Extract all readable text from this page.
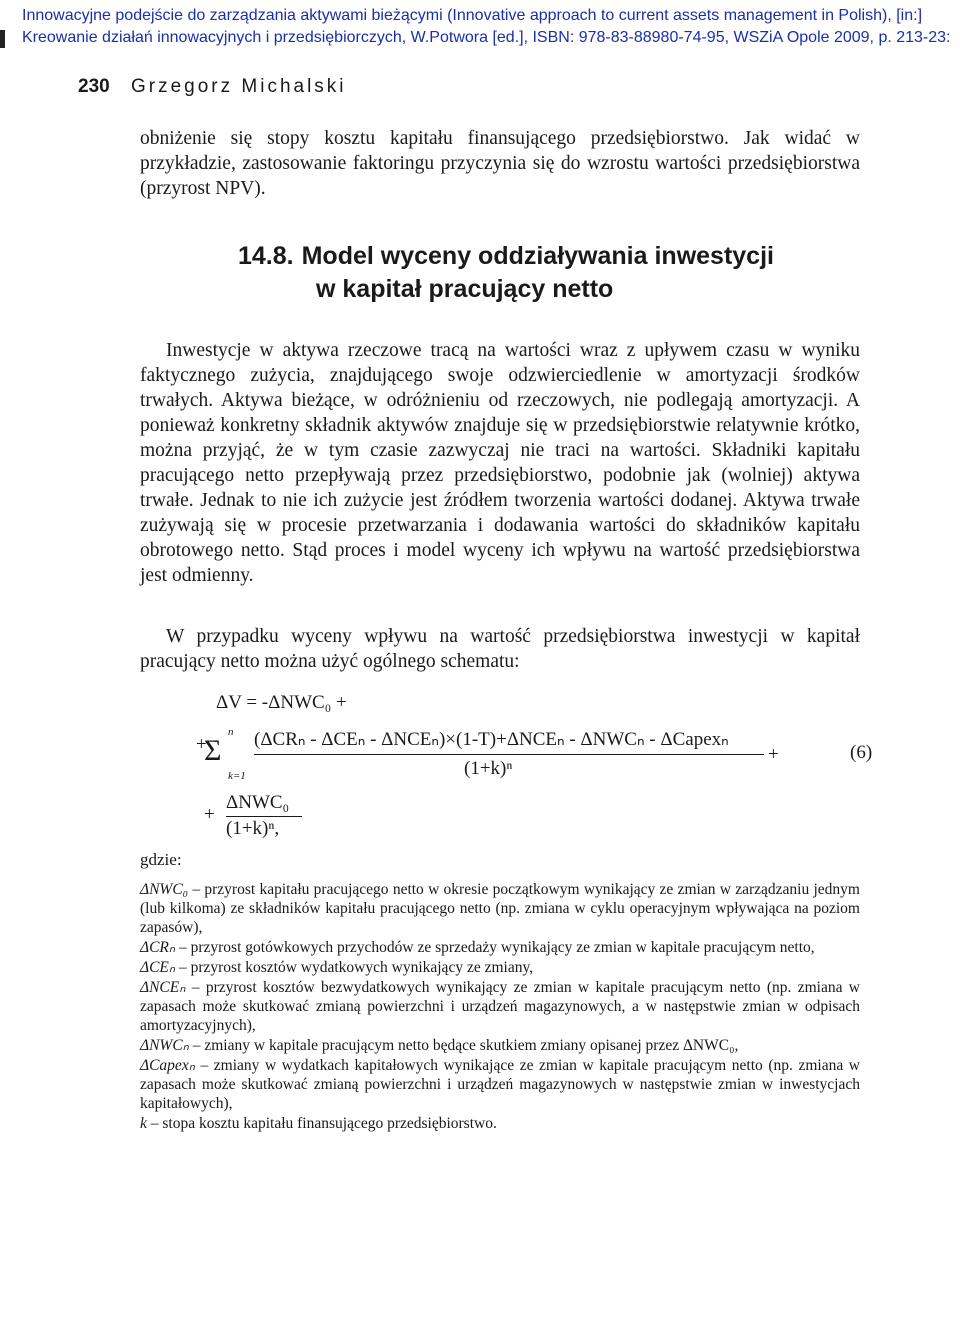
Innowacyjne podejście do zarządzania aktywami bieżącymi (Innovative approach to current assets management in Polish), [in:]
Kreowanie działań innowacyjnych i przedsiębiorczych, W.Potwora [ed.], ISBN: 978-83-88980-74-95, WSZiA Opole 2009, p. 213-23:
230 Grzegorz Michalski

obniżenie się stopy kosztu kapitału finansującego przedsiębiorstwo. Jak widać w przykładzie, zastosowanie faktoringu przyczynia się do wzrostu wartości przedsiębiorstwa (przyrost NPV).

14.8. Model wyceny oddziaływania inwestycji
w kapitał pracujący netto

Inwestycje w aktywa rzeczowe tracą na wartości wraz z upływem czasu w wyniku faktycznego zużycia, znajdującego swoje odzwierciedlenie w amortyzacji środków trwałych. Aktywa bieżące, w odróżnieniu od rzeczowych, nie podlegają amortyzacji. A ponieważ konkretny składnik aktywów znajduje się w przedsiębiorstwie relatywnie krótko, można przyjąć, że w tym czasie zazwyczaj nie traci na wartości. Składniki kapitału pracującego netto przepływają przez przedsiębiorstwo, podobnie jak (wolniej) aktywa trwałe. Jednak to nie ich zużycie jest źródłem tworzenia wartości dodanej. Aktywa trwałe zużywają się w procesie przetwarzania i dodawania wartości do składników kapitału obrotowego netto. Stąd proces i model wyceny ich wpływu na wartość przedsiębiorstwa jest odmienny.

W przypadku wyceny wpływu na wartość przedsiębiorstwa inwestycji w kapitał pracujący netto można użyć ogólnego schematu:

ΔV = -ΔNWC₀ +
+
Σ
n
k=1
(ΔCRₙ - ΔCEₙ - ΔNCEₙ)×(1-T)+ΔNCEₙ - ΔNWCₙ - ΔCapexₙ
(1+k)ⁿ
+	(6)
+
ΔNWC₀
(1+k)ⁿ,
gdzie:

ΔNWC₀ – przyrost kapitału pracującego netto w okresie początkowym wynikający ze zmian w zarządzaniu jednym (lub kilkoma) ze składników kapitału pracującego netto (np. zmiana w cyklu operacyjnym wpływająca na poziom zapasów),

ΔCRₙ – przyrost gotówkowych przychodów ze sprzedaży wynikający ze zmian w kapitale pracującym netto,

ΔCEₙ – przyrost kosztów wydatkowych wynikający ze zmiany,

ΔNCEₙ – przyrost kosztów bezwydatkowych wynikający ze zmian w kapitale pracującym netto (np. zmiana w zapasach może skutkować zmianą powierzchni i urządzeń magazynowych, a w następstwie zmian w odpisach amortyzacyjnych),

ΔNWCₙ – zmiany w kapitale pracującym netto będące skutkiem zmiany opisanej przez ΔNWC₀,

ΔCapexₙ – zmiany w wydatkach kapitałowych wynikające ze zmian w kapitale pracującym netto (np. zmiana w zapasach może skutkować zmianą powierzchni i urządzeń magazynowych w następstwie zmian w inwestycjach kapitałowych),

k – stopa kosztu kapitału finansującego przedsiębiorstwo.
